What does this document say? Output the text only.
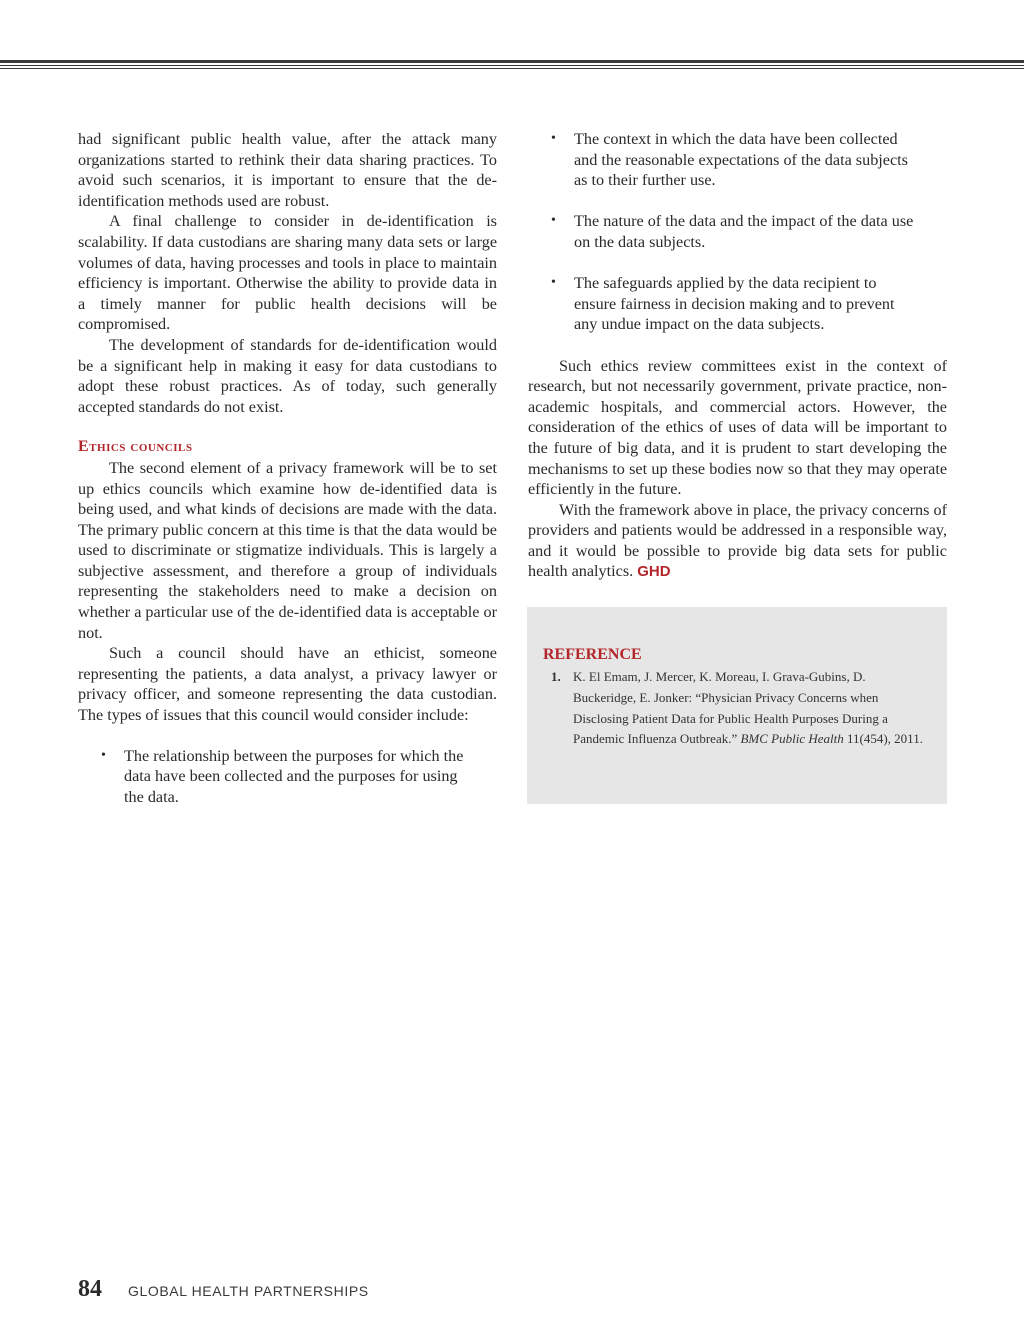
had significant public health value, after the attack many organizations started to rethink their data sharing practices. To avoid such scenarios, it is important to ensure that the de-identification methods used are robust.

A final challenge to consider in de-identification is scalability. If data custodians are sharing many data sets or large volumes of data, having processes and tools in place to maintain efficiency is important. Otherwise the ability to provide data in a timely manner for public health decisions will be compromised.

The development of standards for de-identification would be a significant help in making it easy for data custodians to adopt these robust practices. As of today, such generally accepted standards do not exist.

Ethics councils

The second element of a privacy framework will be to set up ethics councils which examine how de-identified data is being used, and what kinds of decisions are made with the data. The primary public concern at this time is that the data would be used to discriminate or stigmatize individuals. This is largely a subjective assessment, and therefore a group of individuals representing the stakeholders need to make a decision on whether a particular use of the de-identified data is acceptable or not.

Such a council should have an ethicist, someone representing the patients, a data analyst, a privacy lawyer or privacy officer, and someone representing the data custodian. The types of issues that this council would consider include:

• The relationship between the purposes for which the data have been collected and the purposes for using the data.
• The context in which the data have been collected and the reasonable expectations of the data subjects as to their further use.
• The nature of the data and the impact of the data use on the data subjects.
• The safeguards applied by the data recipient to ensure fairness in decision making and to prevent any undue impact on the data subjects.

Such ethics review committees exist in the context of research, but not necessarily government, private practice, non-academic hospitals, and commercial actors. However, the consideration of the ethics of uses of data will be important to the future of big data, and it is prudent to start developing the mechanisms to set up these bodies now so that they may operate efficiently in the future.

With the framework above in place, the privacy concerns of providers and patients would be addressed in a responsible way, and it would be possible to provide big data sets for public health analytics. GHD

REFERENCE
1. K. El Emam, J. Mercer, K. Moreau, I. Grava-Gubins, D. Buckeridge, E. Jonker: “Physician Privacy Concerns when Disclosing Patient Data for Public Health Purposes During a Pandemic Influenza Outbreak.” BMC Public Health 11(454), 2011.
84 GLOBAL HEALTH PARTNERSHIPS
